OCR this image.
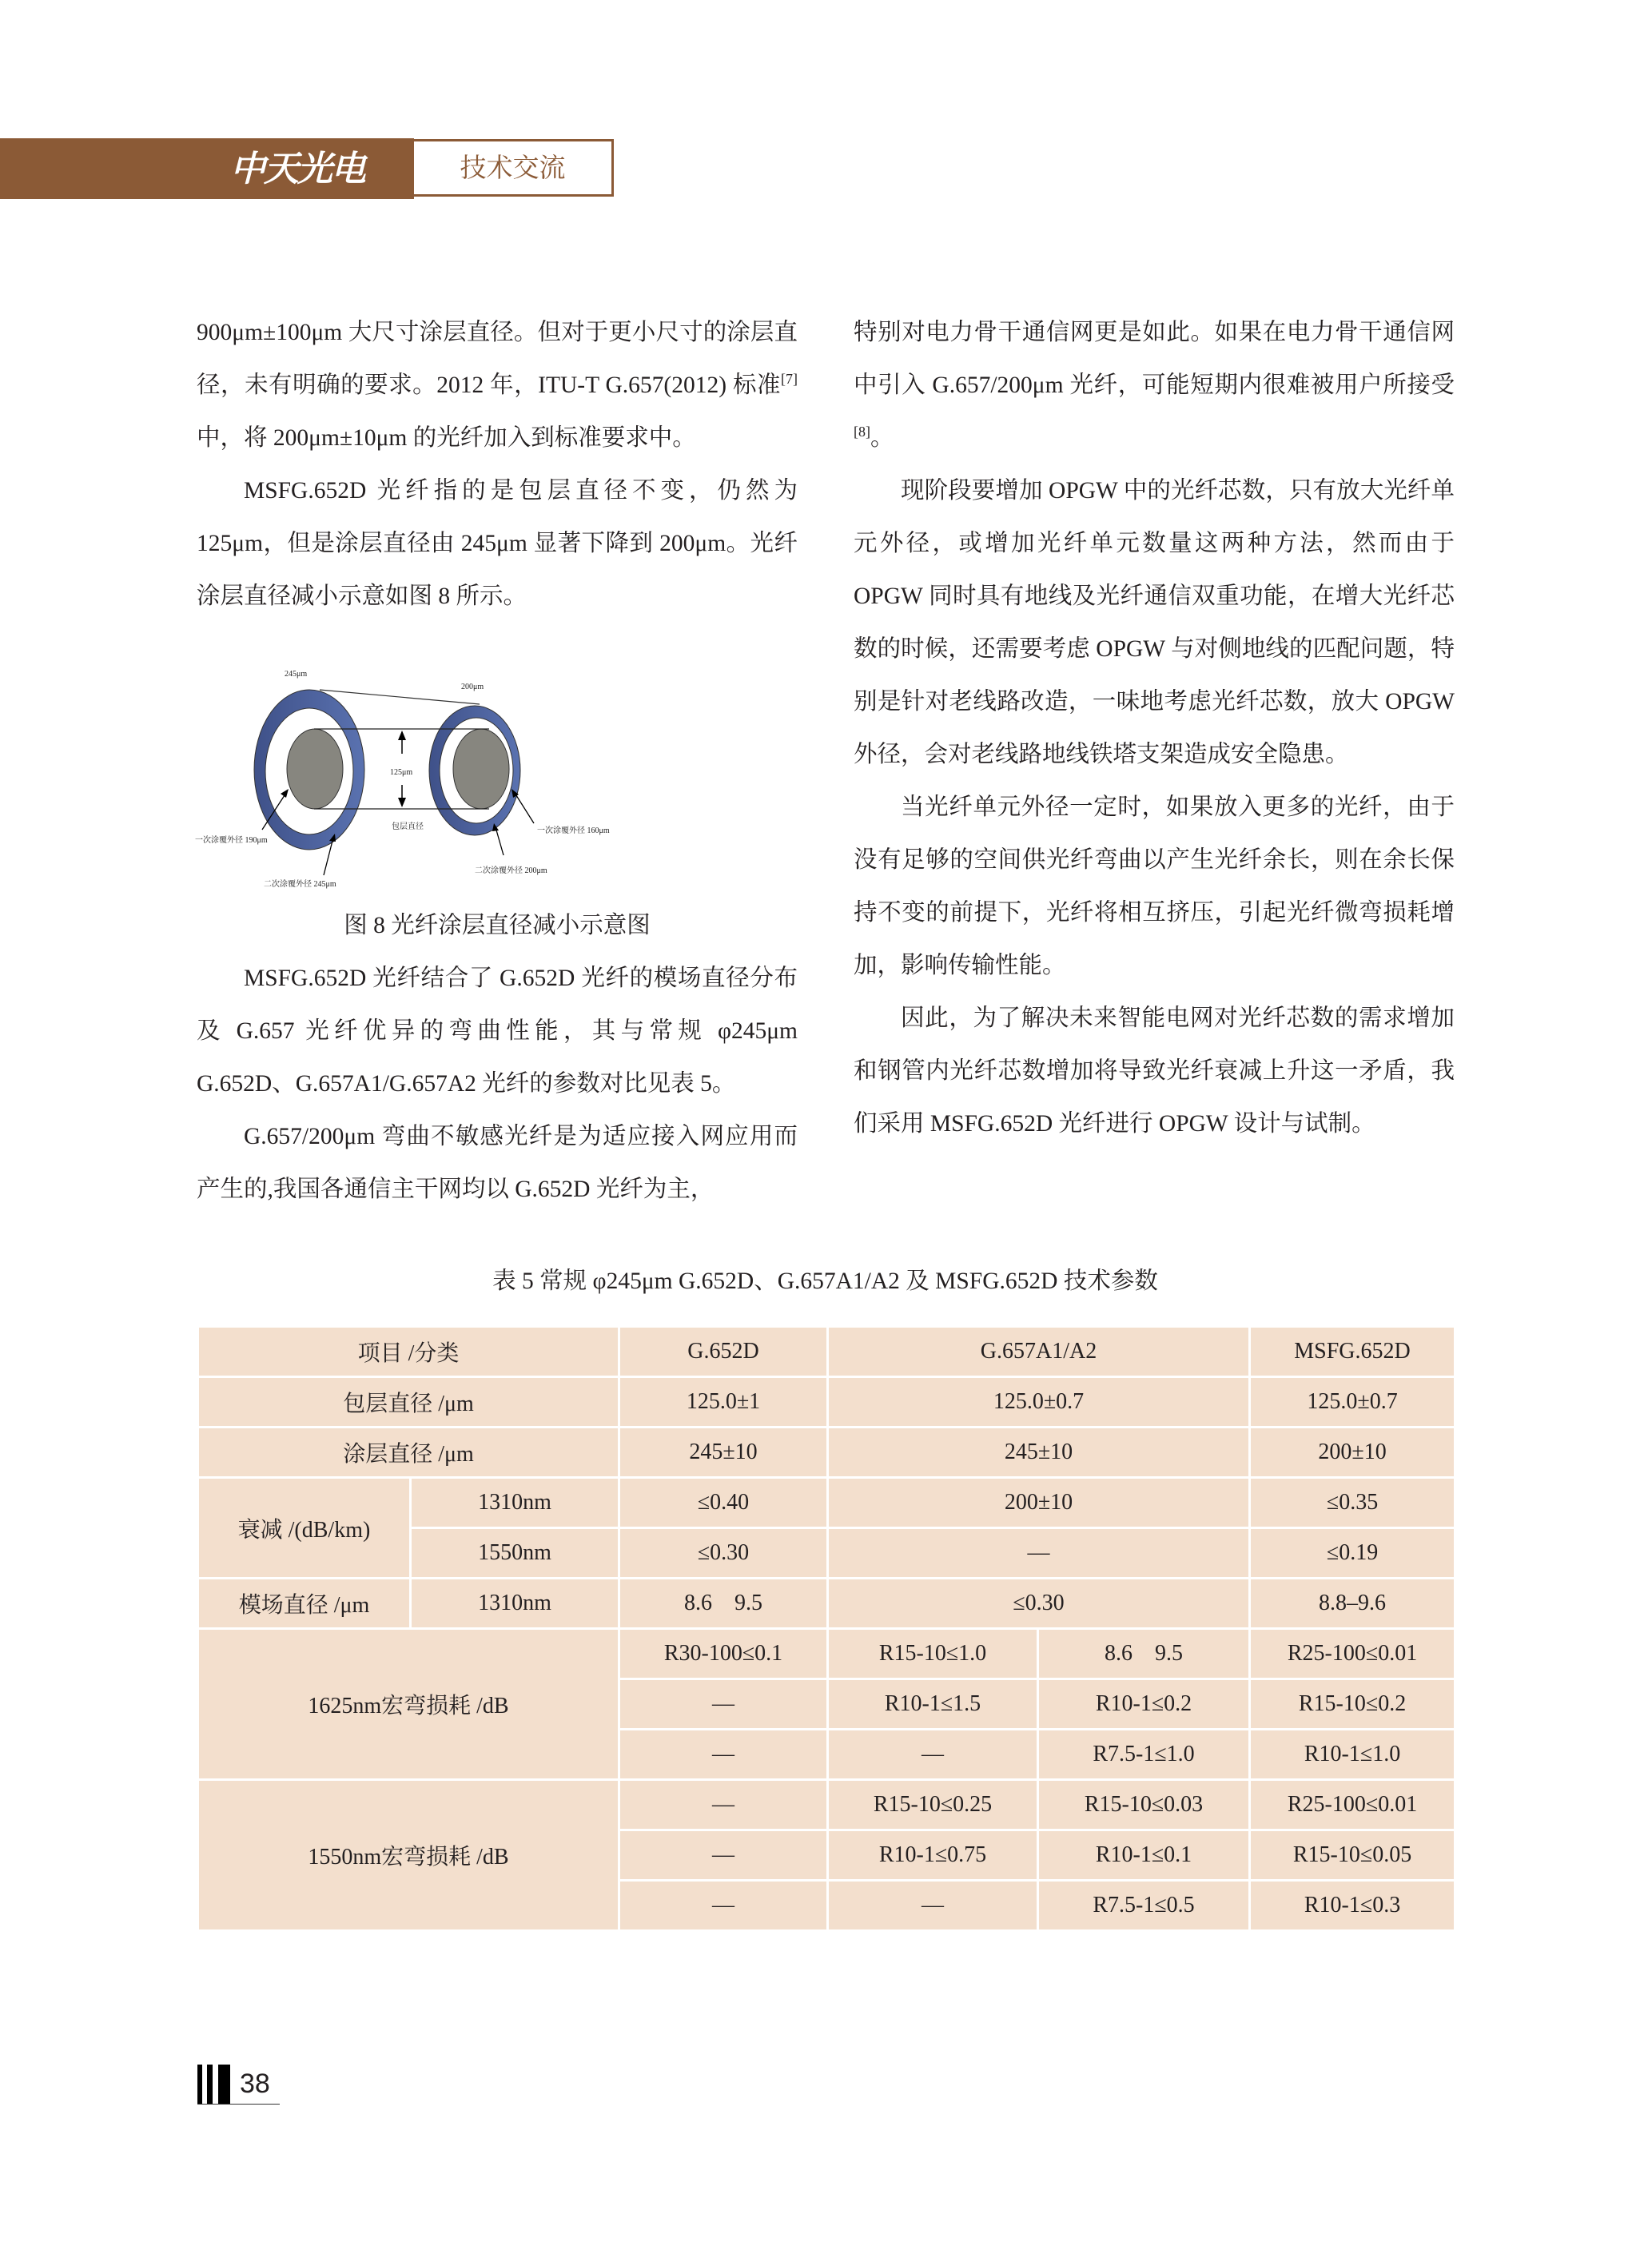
中天光电	技术交流

900μm±100μm 大尺寸涂层直径。但对于更小尺寸的涂层直径，未有明确的要求。2012 年，ITU-T G.657(2012) 标准[7] 中，将 200μm±10μm 的光纤加入到标准要求中。

MSFG.652D 光纤指的是包层直径不变，仍然为 125μm，但是涂层直径由 245μm 显著下降到 200μm。光纤涂层直径减小示意如图 8 所示。

245μm
200μm
125μm
包层直径
一次涂覆外径 190μm
二次涂覆外径 245μm
一次涂覆外径 160μm
二次涂覆外径 200μm
图 8 光纤涂层直径减小示意图

MSFG.652D 光纤结合了 G.652D 光纤的模场直径分布及 G.657 光纤优异的弯曲性能，其与常规 φ245μm G.652D、G.657A1/G.657A2 光纤的参数对比见表 5。

G.657/200μm 弯曲不敏感光纤是为适应接入网应用而产生的,我国各通信主干网均以 G.652D 光纤为主，

特别对电力骨干通信网更是如此。如果在电力骨干通信网中引入 G.657/200μm 光纤，可能短期内很难被用户所接受[8]。

现阶段要增加 OPGW 中的光纤芯数，只有放大光纤单元外径，或增加光纤单元数量这两种方法，然而由于 OPGW 同时具有地线及光纤通信双重功能，在增大光纤芯数的时候，还需要考虑 OPGW 与对侧地线的匹配问题，特别是针对老线路改造，一味地考虑光纤芯数，放大 OPGW 外径，会对老线路地线铁塔支架造成安全隐患。

当光纤单元外径一定时，如果放入更多的光纤，由于没有足够的空间供光纤弯曲以产生光纤余长，则在余长保持不变的前提下，光纤将相互挤压，引起光纤微弯损耗增加，影响传输性能。

因此，为了解决未来智能电网对光纤芯数的需求增加和钢管内光纤芯数增加将导致光纤衰减上升这一矛盾，我们采用 MSFG.652D 光纤进行 OPGW 设计与试制。

表 5 常规 φ245μm G.652D、G.657A1/A2 及 MSFG.652D 技术参数
项目 /分类		G.652D	G.657A1/A2		MSFG.652D
包层直径 /μm		125.0±1	125.0±0.7		125.0±0.7
涂层直径 /μm		245±10	245±10		200±10
衰减 /(dB/km)	1310nm	≤0.40	200±10		≤0.35
	1550nm	≤0.30	—		≤0.19
模场直径 /μm	1310nm	8.6    9.5	≤0.30		8.8–9.6
1625nm宏弯损耗 /dB		R30-100≤0.1	R15-10≤1.0	8.6    9.5	R25-100≤0.01
		—	R10-1≤1.5	R10-1≤0.2	R15-10≤0.2
		—	—	R7.5-1≤1.0	R10-1≤1.0
1550nm宏弯损耗 /dB		—	R15-10≤0.25	R15-10≤0.03	R25-100≤0.01
		—	R10-1≤0.75	R10-1≤0.1	R15-10≤0.05
		—	—	R7.5-1≤0.5	R10-1≤0.3
38
